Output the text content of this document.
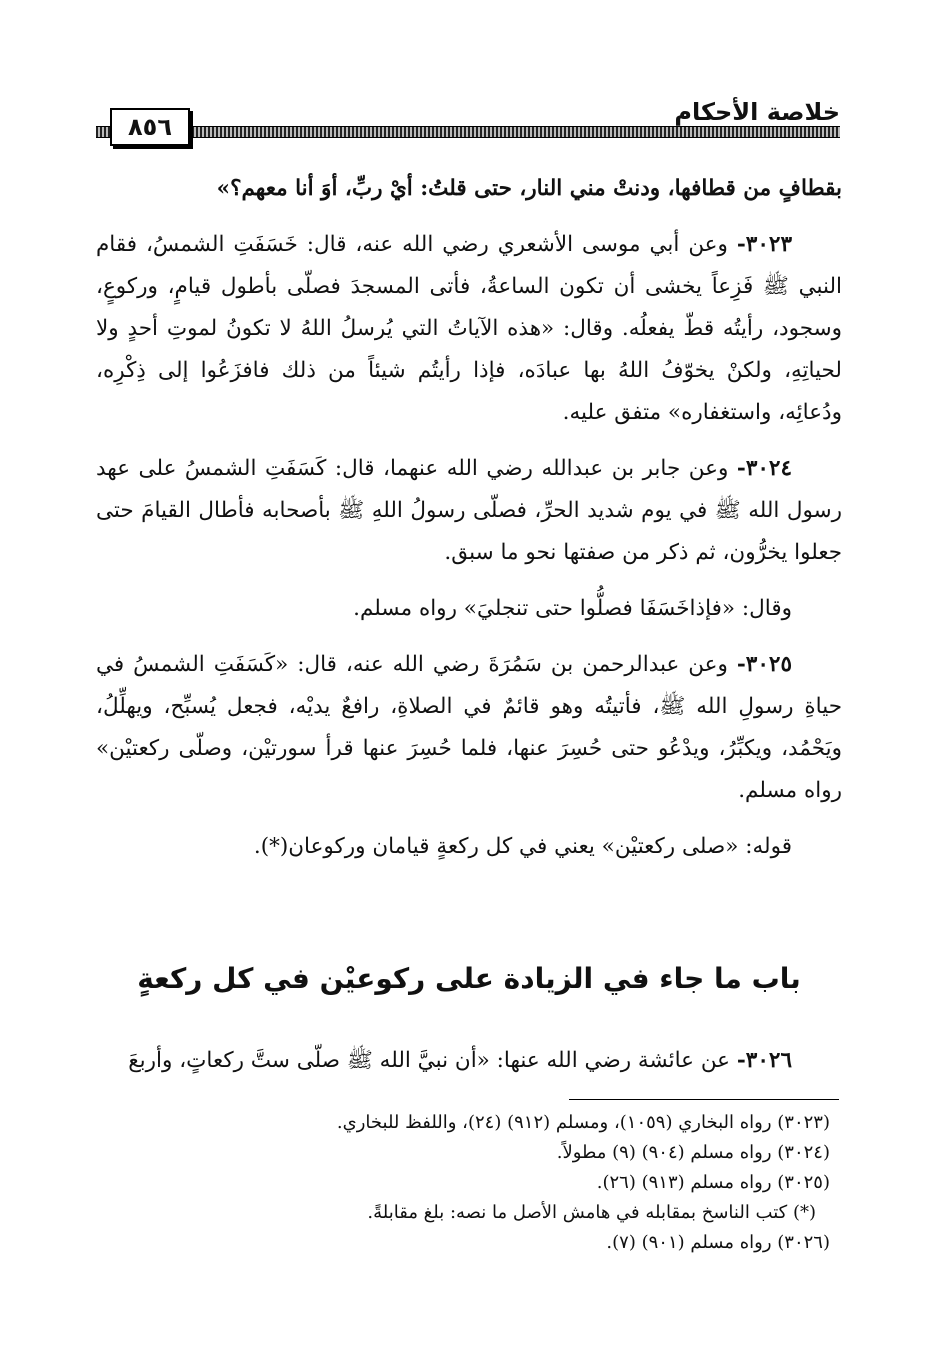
خلاصة الأحكام
٨٥٦

بقطافٍ من قطافها، ودنتْ مني النار، حتى قلتُ: أيْ ربِّ، أوَ أنا معهم؟»

٣٠٢٣- وعن أبي موسى الأشعري رضي الله عنه، قال: خَسَفَتِ الشمسُ، فقام النبي ﷺ فَزِعاً يخشى أن تكون الساعةُ، فأتى المسجدَ فصلّى بأطول قيامٍ، وركوعٍ، وسجود، رأيتُه قطّ يفعلُه. وقال: «هذه الآياتُ التي يُرسلُ اللهُ لا تكونُ لموتِ أحدٍ ولا لحياتِهِ، ولكنْ يخوّفُ اللهُ بها عبادَه، فإذا رأيتُم شيئاً من ذلك فافزَعُوا إلى ذِكْرِه، ودُعائِه، واستغفاره» متفق عليه.

٣٠٢٤- وعن جابر بن عبدالله رضي الله عنهما، قال: كَسَفَتِ الشمسُ على عهد رسول الله ﷺ في يوم شديد الحرِّ، فصلّى رسولُ اللهِ ﷺ بأصحابه فأطال القيامَ حتى جعلوا يخرُّون، ثم ذكر من صفتها نحو ما سبق.

وقال: «فإذاخَسَفَا فصلُّوا حتى تنجليَ» رواه مسلم.

٣٠٢٥- وعن عبدالرحمن بن سَمُرَةَ رضي الله عنه، قال: «كَسَفَتِ الشمسُ في حياةِ رسولِ الله ﷺ، فأتيتُه وهو قائمٌ في الصلاةِ، رافعٌ يديْه، فجعل يُسبِّح، ويهلِّلُ، ويَحْمُد، ويكبِّرُ، ويدْعُو حتى حُسِرَ عنها، فلما حُسِرَ عنها قرأ سورتيْن، وصلّى ركعتيْن» رواه مسلم.

قوله: «صلى ركعتيْن» يعني في كل ركعةٍ قيامان وركوعان(*).

باب ما جاء في الزيادة على ركوعيْن في كل ركعةٍ

٣٠٢٦- عن عائشة رضي الله عنها: «أن نبيَّ الله ﷺ صلّى ستَّ ركعاتٍ، وأربعَ

(٣٠٢٣) رواه البخاري (١٠٥٩)، ومسلم (٩١٢) (٢٤)، واللفظ للبخاري.

(٣٠٢٤) رواه مسلم (٩٠٤) (٩) مطولاً.

(٣٠٢٥) رواه مسلم (٩١٣) (٢٦).

(*) كتب الناسخ بمقابله في هامش الأصل ما نصه: بلغ مقابلةً.

(٣٠٢٦) رواه مسلم (٩٠١) (٧).
